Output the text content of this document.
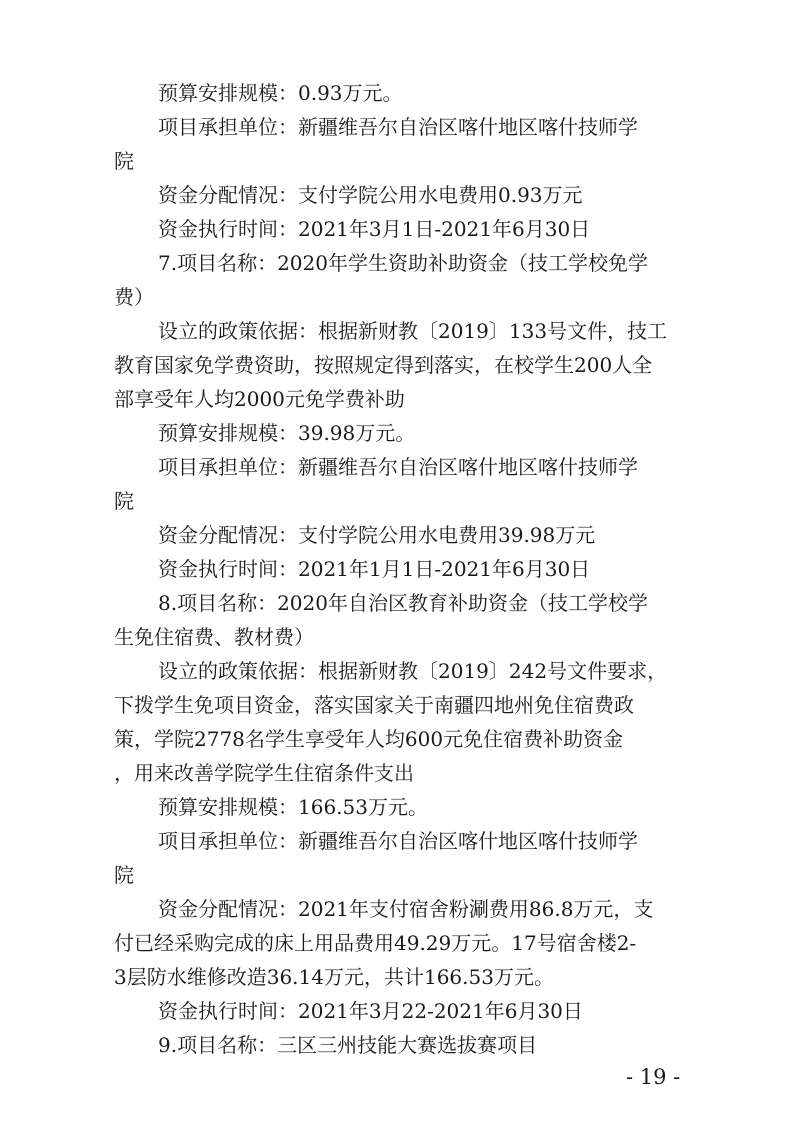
预算安排规模：0.93万元。
项目承担单位：新疆维吾尔自治区喀什地区喀什技师学
院
资金分配情况：支付学院公用水电费用0.93万元
资金执行时间：2021年3月1日-2021年6月30日
7.项目名称：2020年学生资助补助资金（技工学校免学
费）
设立的政策依据：根据新财教〔2019〕133号文件，技工
教育国家免学费资助，按照规定得到落实，在校学生200人全
部享受年人均2000元免学费补助
预算安排规模：39.98万元。
项目承担单位：新疆维吾尔自治区喀什地区喀什技师学
院
资金分配情况：支付学院公用水电费用39.98万元
资金执行时间：2021年1月1日-2021年6月30日
8.项目名称：2020年自治区教育补助资金（技工学校学
生免住宿费、教材费）
设立的政策依据：根据新财教〔2019〕242号文件要求，
下拨学生免项目资金，落实国家关于南疆四地州免住宿费政
策，学院2778名学生享受年人均600元免住宿费补助资金
，用来改善学院学生住宿条件支出
预算安排规模：166.53万元。
项目承担单位：新疆维吾尔自治区喀什地区喀什技师学
院
资金分配情况：2021年支付宿舍粉涮费用86.8万元，支
付已经采购完成的床上用品费用49.29万元。17号宿舍楼2-
3层防水维修改造36.14万元，共计166.53万元。
资金执行时间：2021年3月22-2021年6月30日
9.项目名称：三区三州技能大赛选拔赛项目
- 19 -
